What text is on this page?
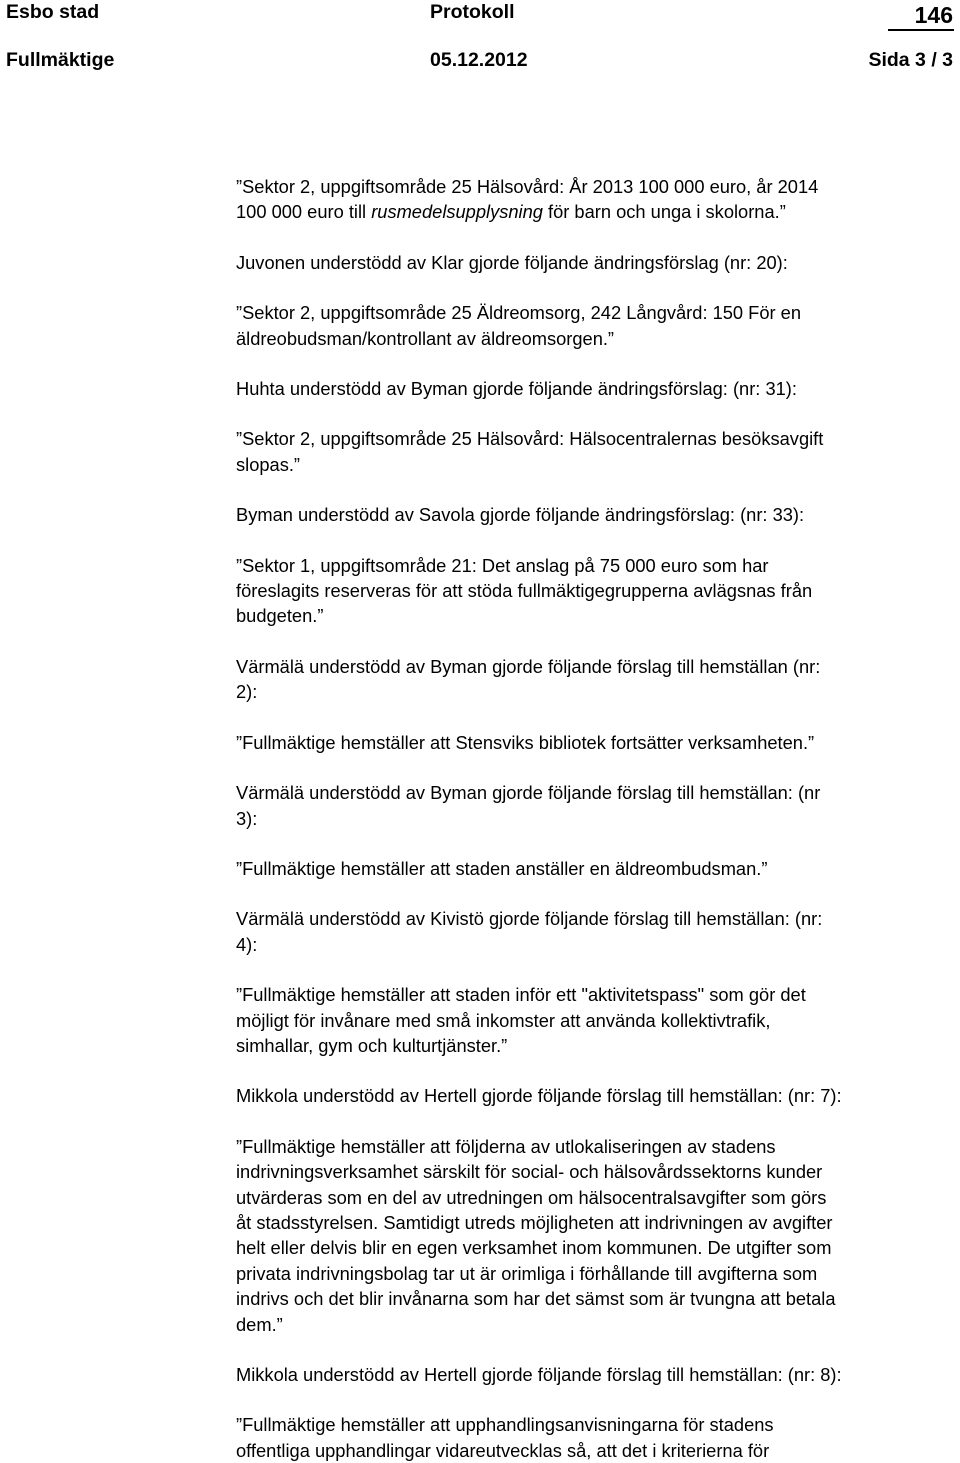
Esbo stad	Protokoll	146
Fullmäktige	05.12.2012	Sida 3 / 3
”Sektor 2, uppgiftsområde 25 Hälsovård: År 2013 100 000 euro, år 2014
100 000 euro till rusmedelsupplysning för barn och unga i skolorna.”
Juvonen understödd av Klar gjorde följande ändringsförslag (nr: 20):
”Sektor 2, uppgiftsområde 25 Äldreomsorg, 242 Långvård: 150 För en
äldreobudsman/kontrollant av äldreomsorgen.”
Huhta understödd av Byman gjorde följande ändringsförslag: (nr: 31):
”Sektor 2, uppgiftsområde 25 Hälsovård: Hälsocentralernas besöksavgift
slopas.”
Byman understödd av Savola gjorde följande ändringsförslag: (nr: 33):
”Sektor 1, uppgiftsområde 21: Det anslag på 75 000 euro som har
föreslagits reserveras för att stöda fullmäktigegrupperna avlägsnas från
budgeten.”
Värmälä understödd av Byman gjorde följande förslag till hemställan (nr:
2):
”Fullmäktige hemställer att Stensviks bibliotek fortsätter verksamheten.”
Värmälä understödd av Byman gjorde följande förslag till hemställan: (nr
3):
”Fullmäktige hemställer att staden anställer en äldreombudsman.”
Värmälä understödd av Kivistö gjorde följande förslag till hemställan: (nr:
4):
”Fullmäktige hemställer att staden inför ett "aktivitetspass" som gör det
möjligt för invånare med små inkomster att använda kollektivtrafik,
simhallar, gym och kulturtjänster.”
Mikkola understödd av Hertell gjorde följande förslag till hemställan: (nr: 7):
”Fullmäktige hemställer att följderna av utlokaliseringen av stadens
indrivningsverksamhet särskilt för social- och hälsovårdssektorns kunder
utvärderas som en del av utredningen om hälsocentralsavgifter som görs
åt stadsstyrelsen. Samtidigt utreds möjligheten att indrivningen av avgifter
helt eller delvis blir en egen verksamhet inom kommunen. De utgifter som
privata indrivningsbolag tar ut är orimliga i förhållande till avgifterna som
indrivs och det blir invånarna som har det sämst som är tvungna att betala
dem.”
Mikkola understödd av Hertell gjorde följande förslag till hemställan: (nr: 8):
”Fullmäktige hemställer att upphandlingsanvisningarna för stadens
offentliga upphandlingar vidareutvecklas så, att det i kriterierna för
